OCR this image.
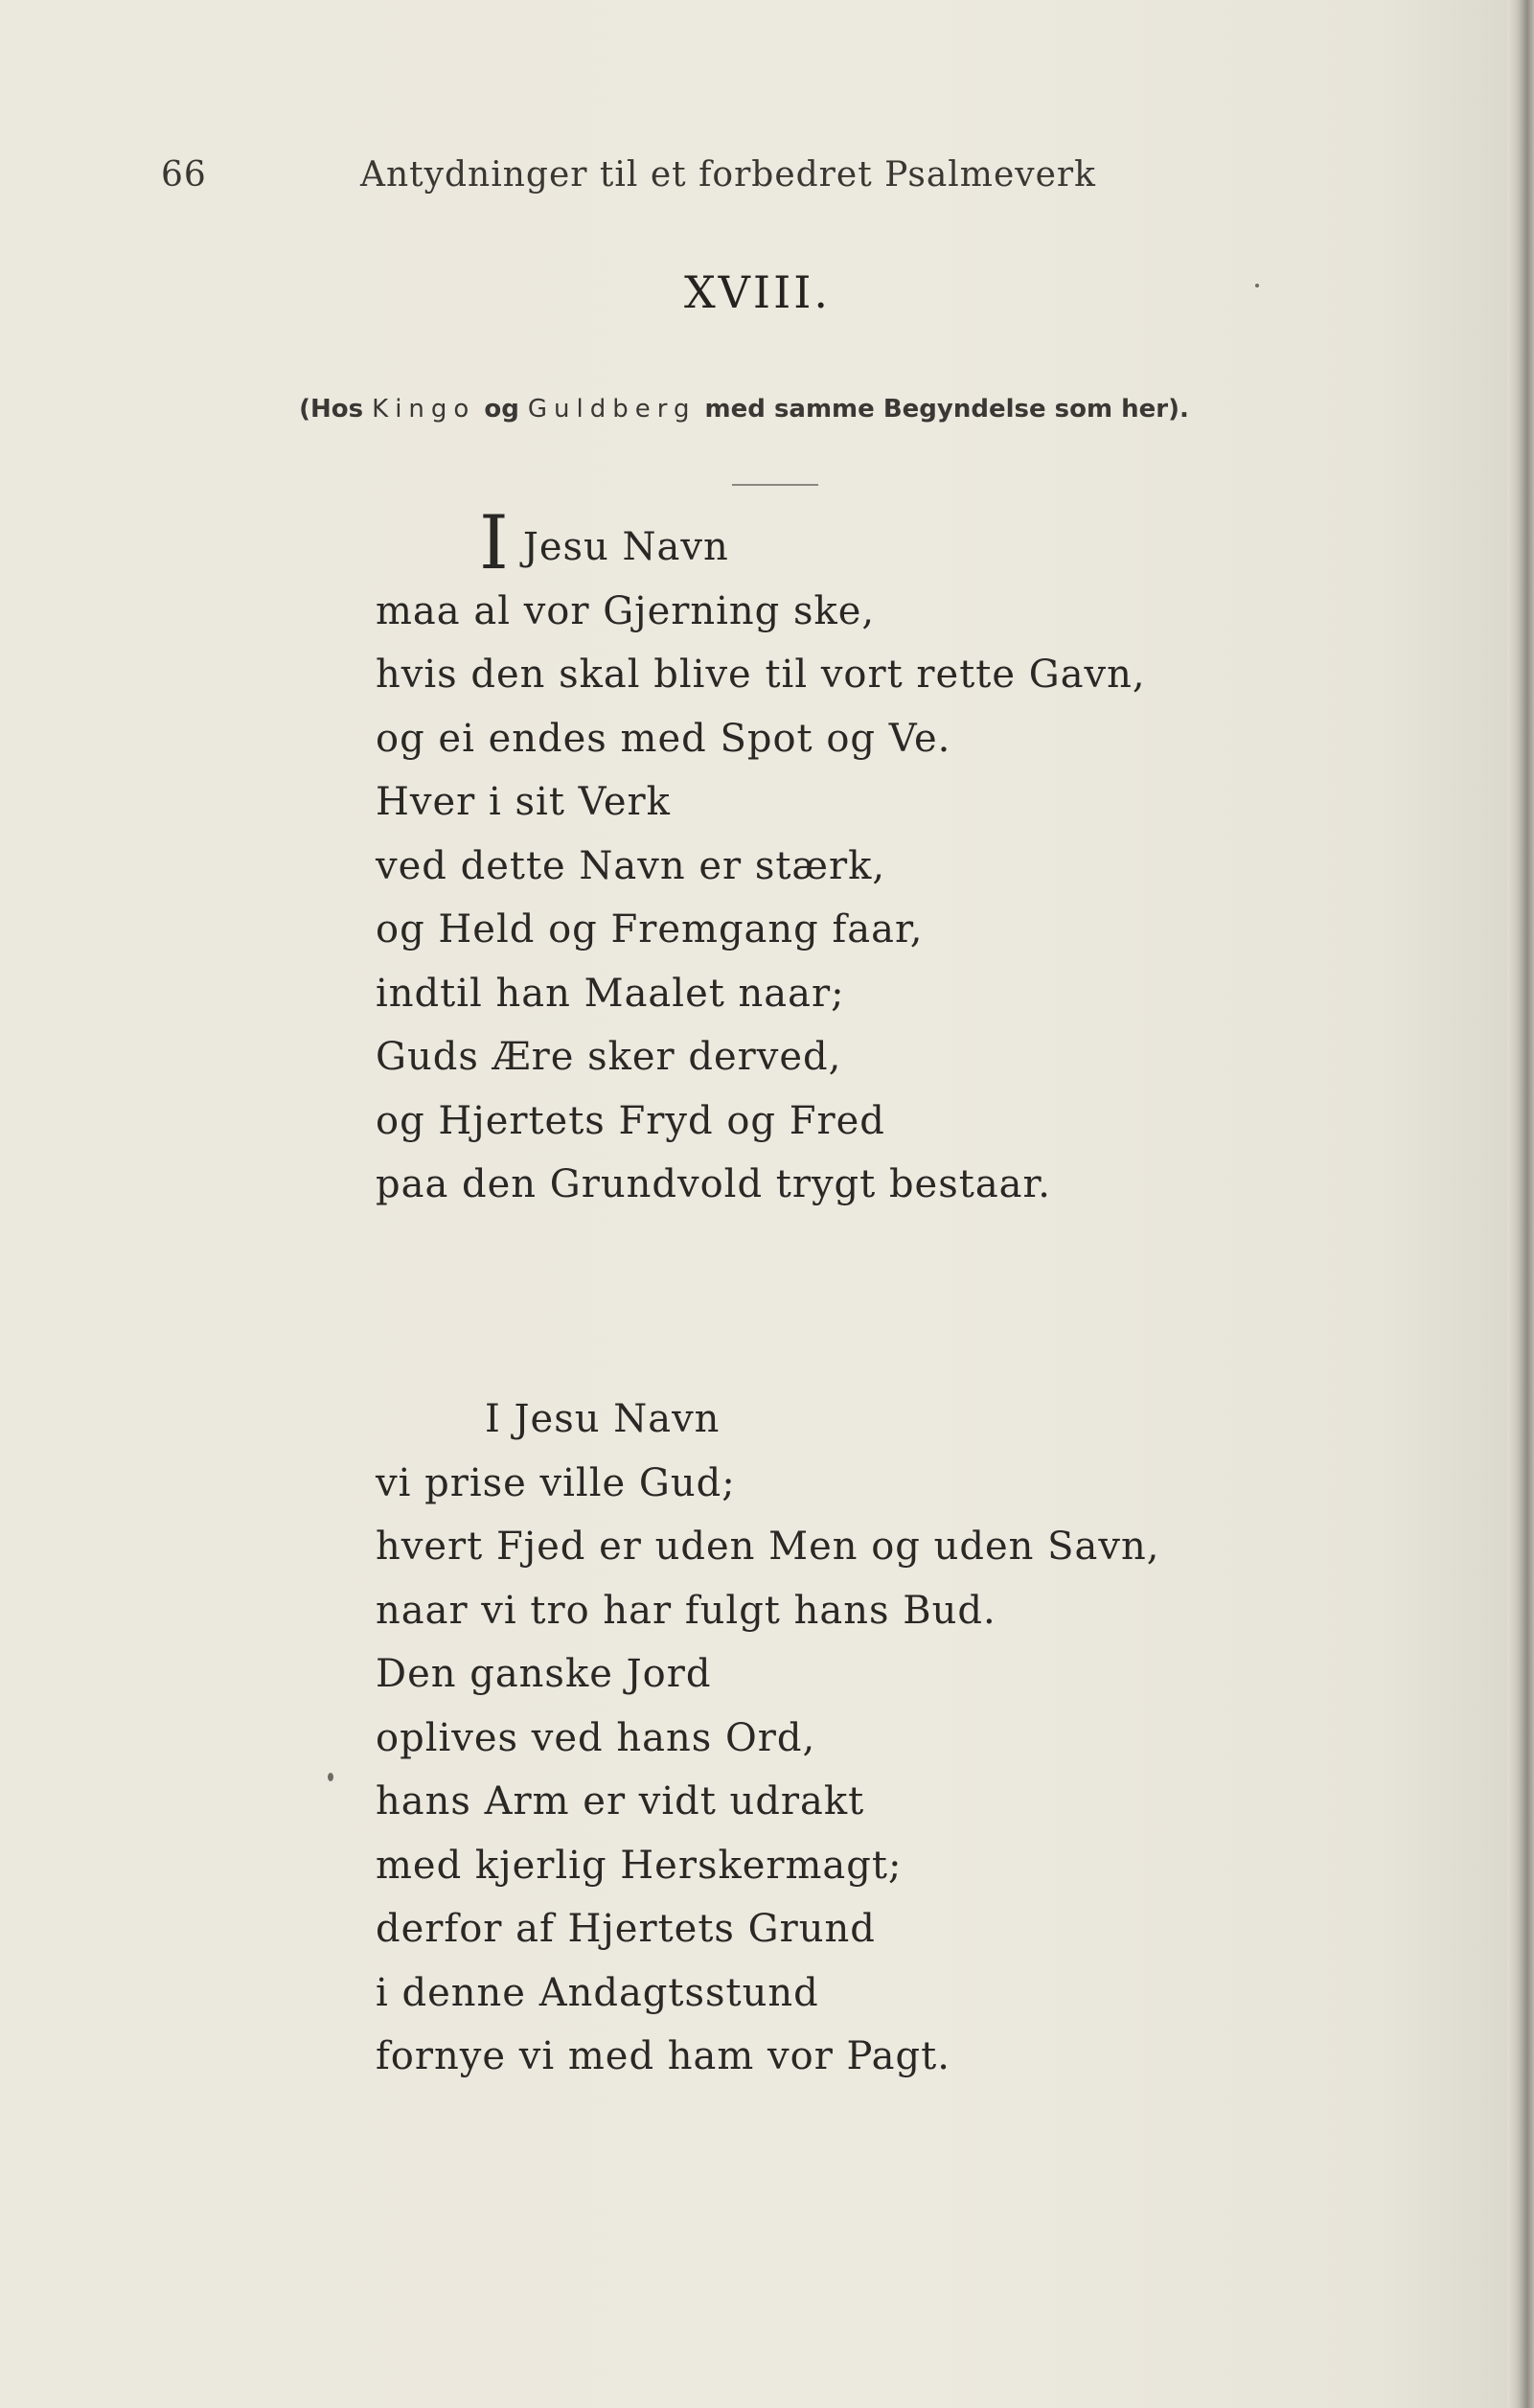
66	Antydninger til et forbedret Psalmeverk
XVIII.
(Hos Kingo og Guldberg med samme Begyndelse som her).
I Jesu Navn
maa al vor Gjerning ske,
hvis den skal blive til vort rette Gavn,
og ei endes med Spot og Ve.
Hver i sit Verk
ved dette Navn er stærk,
og Held og Fremgang faar,
indtil han Maalet naar;
Guds Ære sker derved,
og Hjertets Fryd og Fred
paa den Grundvold trygt bestaar.
I Jesu Navn
vi prise ville Gud;
hvert Fjed er uden Men og uden Savn,
naar vi tro har fulgt hans Bud.
Den ganske Jord
oplives ved hans Ord,
hans Arm er vidt udrakt
med kjerlig Herskermagt;
derfor af Hjertets Grund
i denne Andagtsstund
fornye vi med ham vor Pagt.
